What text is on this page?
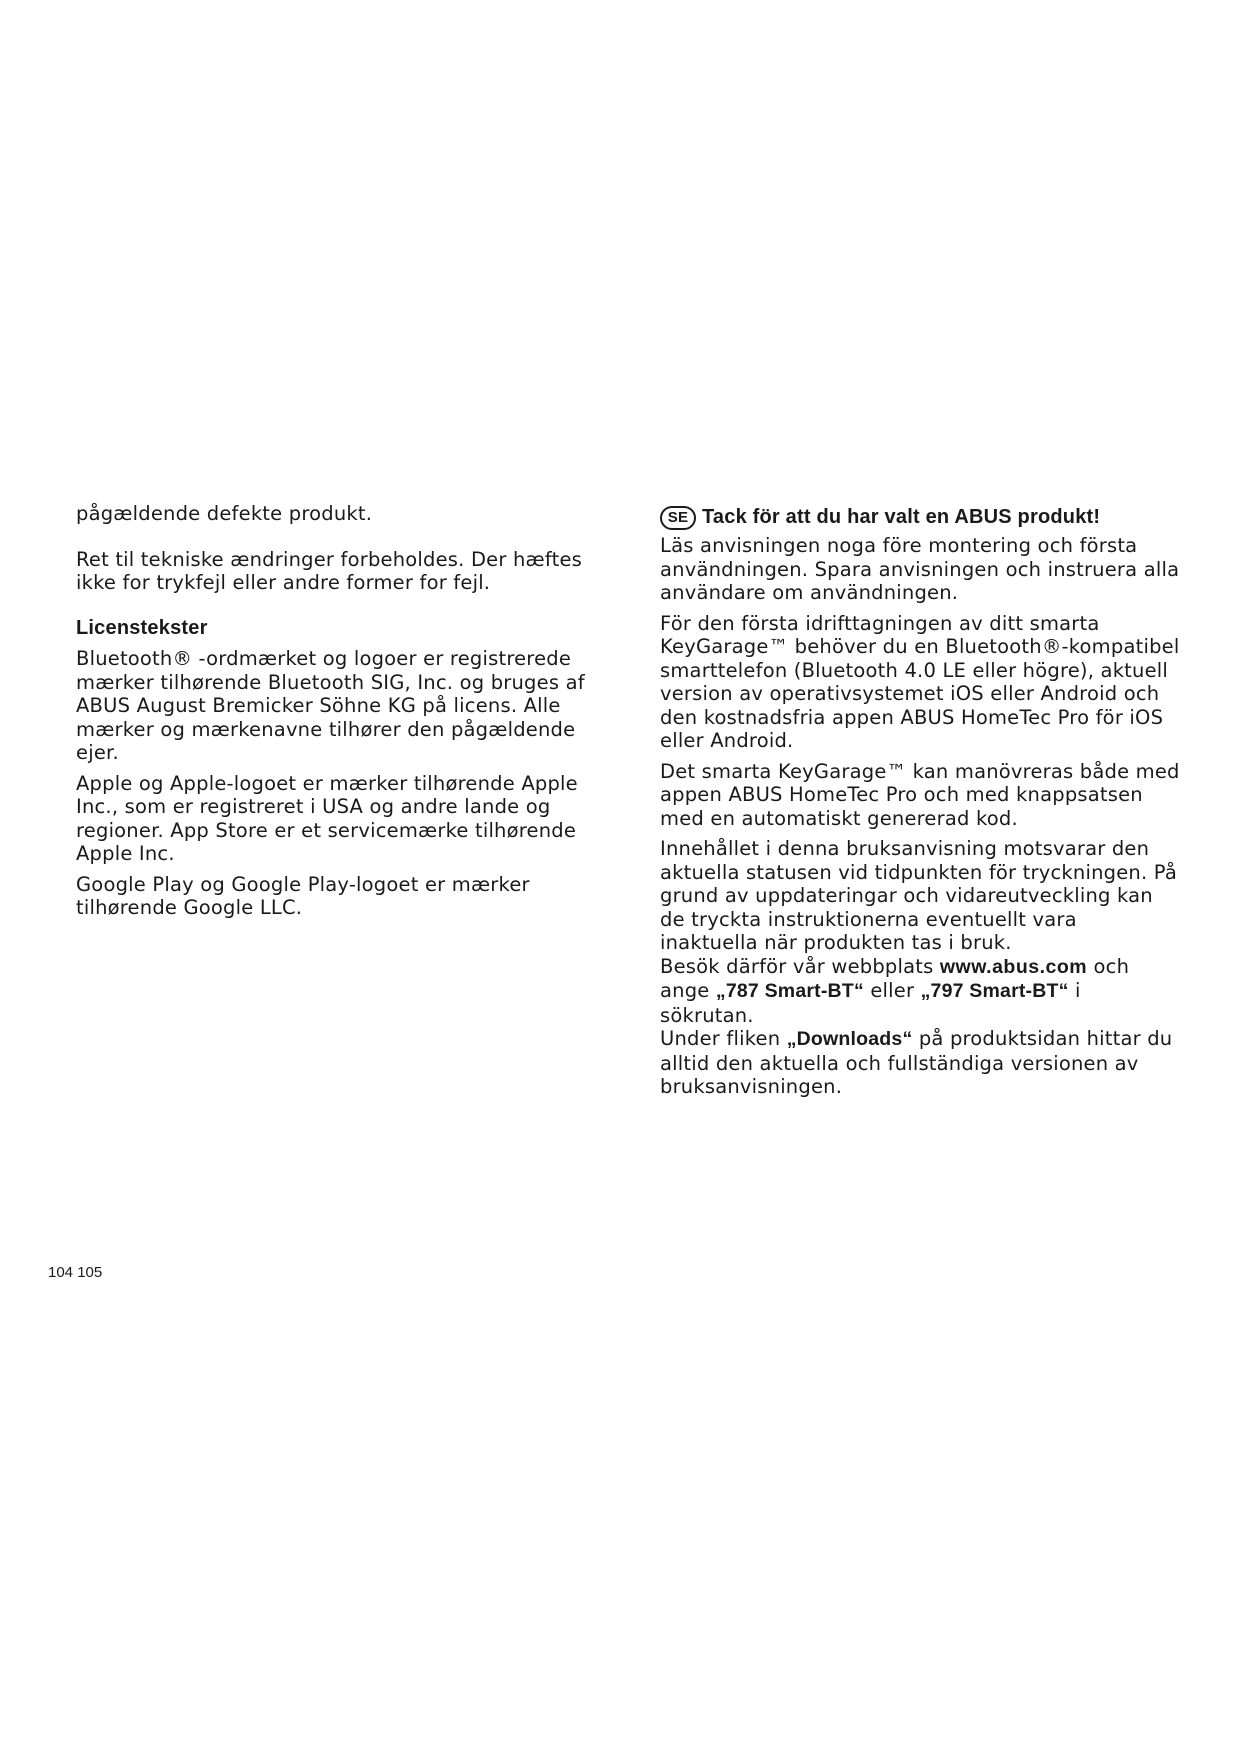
pågældende defekte produkt.

Ret til tekniske ændringer forbeholdes. Der hæftes ikke for trykfejl eller andre former for fejl.

Licenstekster

Bluetooth® -ordmærket og logoer er registrerede mærker tilhørende Bluetooth SIG, Inc. og bruges af ABUS August Bremicker Söhne KG på licens. Alle mærker og mærkenavne tilhører den pågældende ejer.

Apple og Apple-logoet er mærker tilhørende Apple Inc., som er registreret i USA og andre lande og regioner. App Store er et servicemærke tilhørende Apple Inc.

Google Play og Google Play-logoet er mærker tilhørende Google LLC.

SE Tack för att du har valt en ABUS produkt!

Läs anvisningen noga före montering och första användningen. Spara anvisningen och instruera alla användare om användningen.

För den första idrifttagningen av ditt smarta KeyGarage™ behöver du en Bluetooth®-kompatibel smarttelefon (Bluetooth 4.0 LE eller högre), aktuell version av operativsystemet iOS eller Android och den kostnadsfria appen ABUS HomeTec Pro för iOS eller Android.

Det smarta KeyGarage™ kan manövreras både med appen ABUS HomeTec Pro och med knappsatsen med en automatiskt genererad kod.

Innehållet i denna bruksanvisning motsvarar den aktuella statusen vid tidpunkten för tryckningen. På grund av uppdateringar och vidareutveckling kan de tryckta instruktionerna eventuellt vara inaktuella när produkten tas i bruk.

Besök därför vår webbplats www.abus.com och ange „787 Smart-BT“ eller „797 Smart-BT“ i sökrutan.

Under fliken „Downloads“ på produktsidan hittar du alltid den aktuella och fullständiga versionen av bruksanvisningen.

104 105
